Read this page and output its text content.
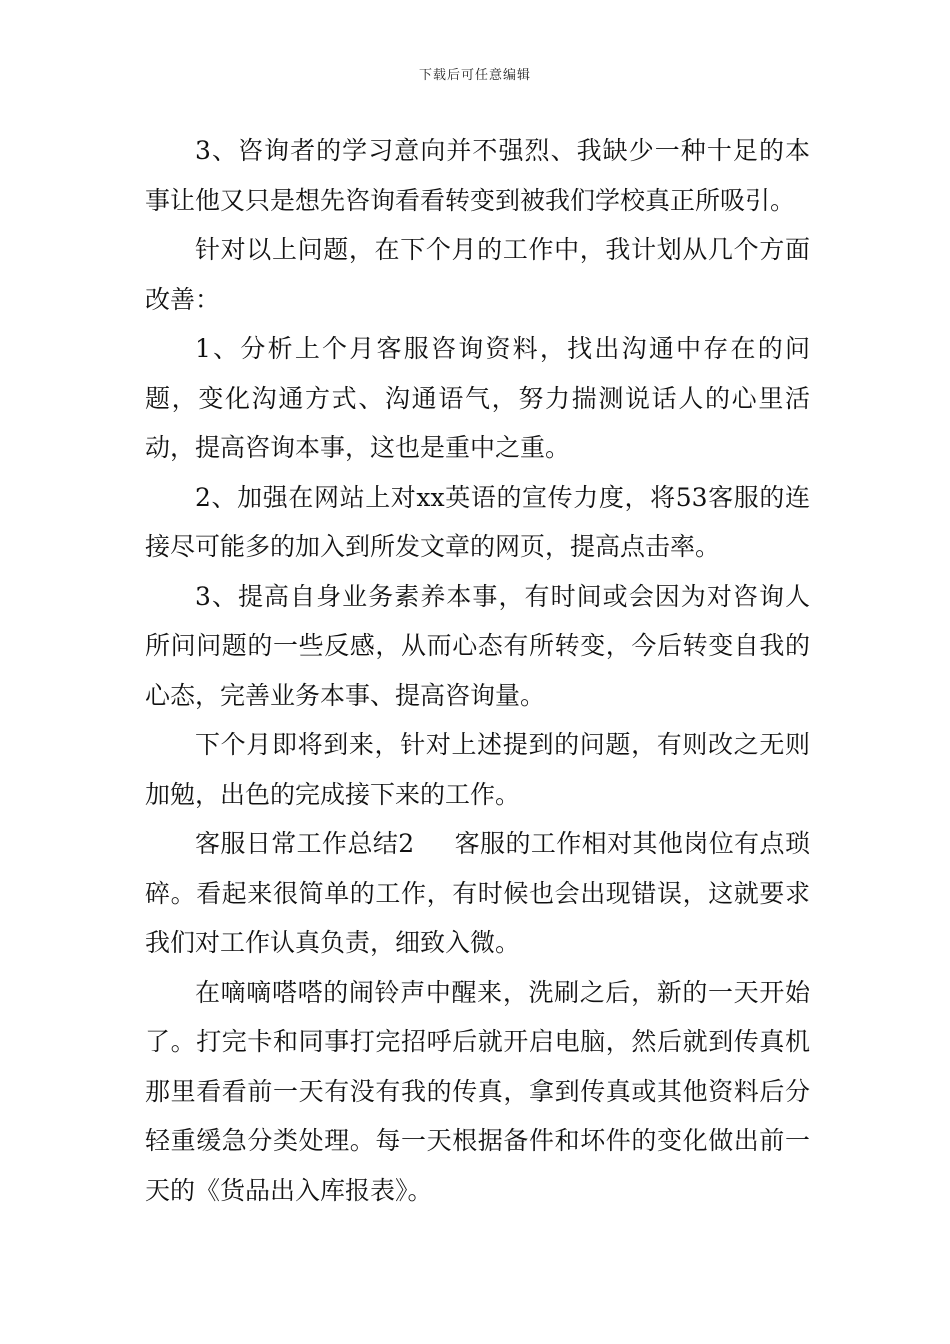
下载后可任意编辑

3、咨询者的学习意向并不强烈、我缺少一种十足的本事让他又只是想先咨询看看转变到被我们学校真正所吸引。

针对以上问题，在下个月的工作中，我计划从几个方面改善：

1、分析上个月客服咨询资料，找出沟通中存在的问题，变化沟通方式、沟通语气，努力揣测说话人的心里活动，提高咨询本事，这也是重中之重。

2、加强在网站上对xx英语的宣传力度，将53客服的连接尽可能多的加入到所发文章的网页，提高点击率。

3、提高自身业务素养本事，有时间或会因为对咨询人所问问题的一些反感，从而心态有所转变，今后转变自我的心态，完善业务本事、提高咨询量。

下个月即将到来，针对上述提到的问题，有则改之无则加勉，出色的完成接下来的工作。

客服日常工作总结2 客服的工作相对其他岗位有点琐碎。看起来很简单的工作，有时候也会出现错误，这就要求我们对工作认真负责，细致入微。

在嘀嘀嗒嗒的闹铃声中醒来，洗刷之后，新的一天开始了。打完卡和同事打完招呼后就开启电脑，然后就到传真机那里看看前一天有没有我的传真，拿到传真或其他资料后分轻重缓急分类处理。每一天根据备件和坏件的变化做出前一天的《货品出入库报表》。
